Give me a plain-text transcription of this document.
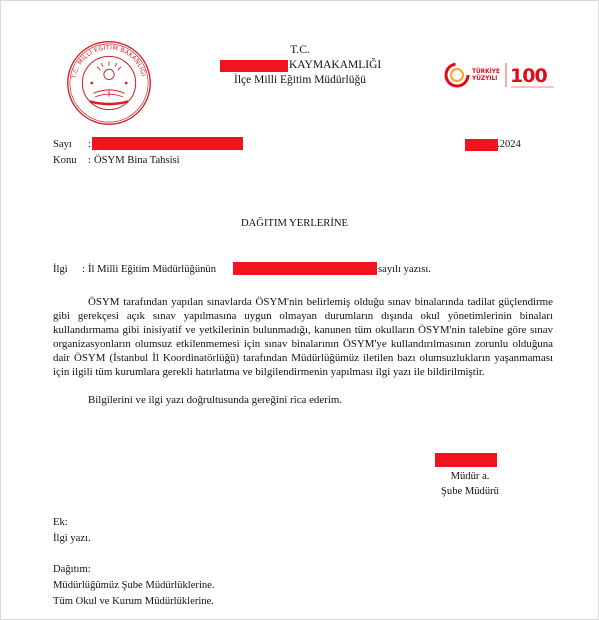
T.C. MİLLİ EĞİTİM BAKANLIĞI
T.C.
KAYMAKAMLIĞI
İlçe Milli Eğitim Müdürlüğü
TÜRKİYE
YÜZYILI 100
Sayı :	.2024
Konu : ÖSYM Bina Tahsisi
DAĞITIM YERLERİNE
İlgi : İl Milli Eğitim Müdürlüğünün	sayılı yazısı.
ÖSYM tarafından yapılan sınavlarda ÖSYM'nin belirlemiş olduğu sınav binalarında tadilat güçlendirme gibi gerekçesi açık sınav yapılmasına uygun olmayan durumların dışında okul yönetimlerinin binaları kullandırmama gibi inisiyatif ve yetkilerinin bulunmadığı, kanunen tüm okulların ÖSYM'nin talebine göre sınav organizasyonların olumsuz etkilenmemesi için sınav binalarının ÖSYM'ye kullandırılmasının zorunlu olduğuna dair ÖSYM (İstanbul İl Koordinatörlüğü) tarafından Müdürlüğümüz iletilen bazı olumsuzlukların yaşanmaması için ilgili tüm kurumlara gerekli hatırlatma ve bilgilendirmenin yapılması ilgi yazı ile bildirilmiştir.
Bilgilerini ve ilgi yazı doğrultusunda gereğini rica ederim.
Müdür a.
Şube Müdürü
Ek:
İlgi yazı.
Dağıtım:
Müdürlüğümüz Şube Müdürlüklerine.
Tüm Okul ve Kurum Müdürlüklerine.
